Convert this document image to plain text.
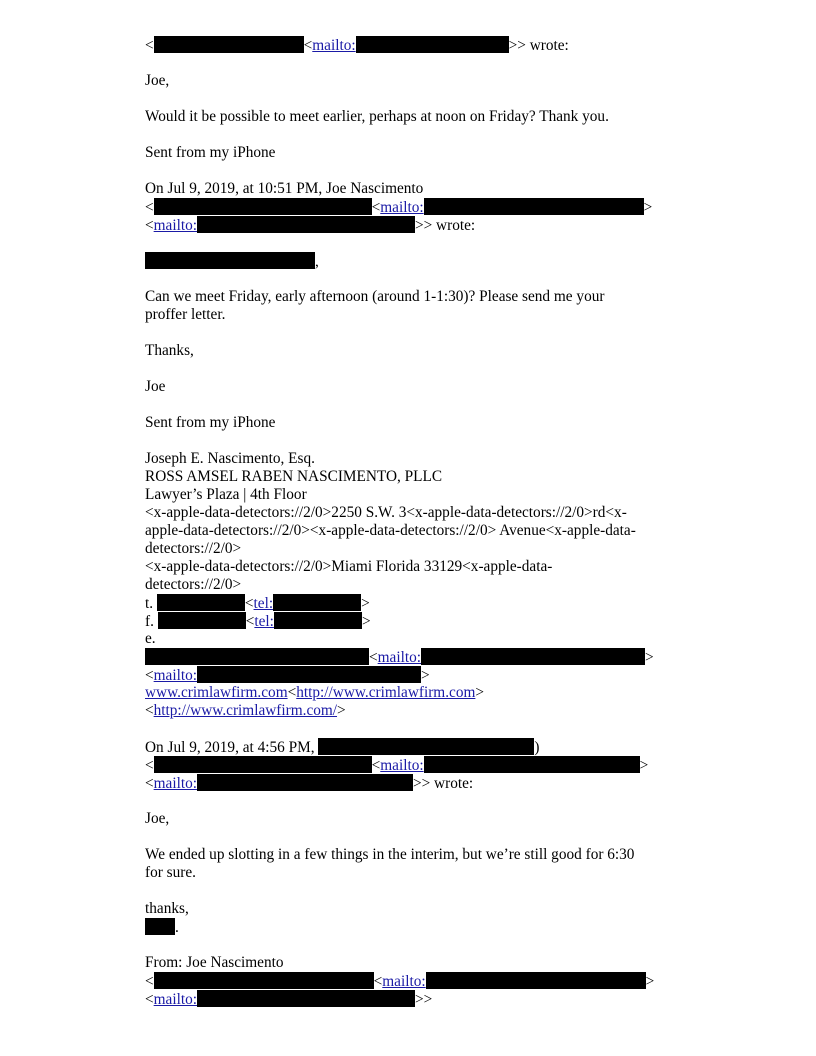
<	<mailto:	>> wrote:
Joe,
Would it be possible to meet earlier, perhaps at noon on Friday? Thank you.
Sent from my iPhone
On Jul 9, 2019, at 10:51 PM, Joe Nascimento
<	<mailto:	>
<mailto:	>> wrote:
,
Can we meet Friday, early afternoon (around 1-1:30)? Please send me your
proffer letter.
Thanks,
Joe
Sent from my iPhone
Joseph E. Nascimento, Esq.
ROSS AMSEL RABEN NASCIMENTO, PLLC
Lawyer’s Plaza | 4th Floor
<x-apple-data-detectors://2/0>2250 S.W. 3<x-apple-data-detectors://2/0>rd<x-
apple-data-detectors://2/0><x-apple-data-detectors://2/0> Avenue<x-apple-data-
detectors://2/0>
<x-apple-data-detectors://2/0>Miami Florida 33129<x-apple-data-
detectors://2/0>
t.	<tel:	>
f.	<tel:	>
e.
<mailto:	>
<mailto:	>
www.crimlawfirm.com<http://www.crimlawfirm.com>
<http://www.crimlawfirm.com/>
On Jul 9, 2019, at 4:56 PM,	)
<	<mailto:	>
<mailto:	>> wrote:
Joe,
We ended up slotting in a few things in the interim, but we’re still good for 6:30
for sure.
thanks,
.
From: Joe Nascimento
<	<mailto:	>
<mailto:	>>
